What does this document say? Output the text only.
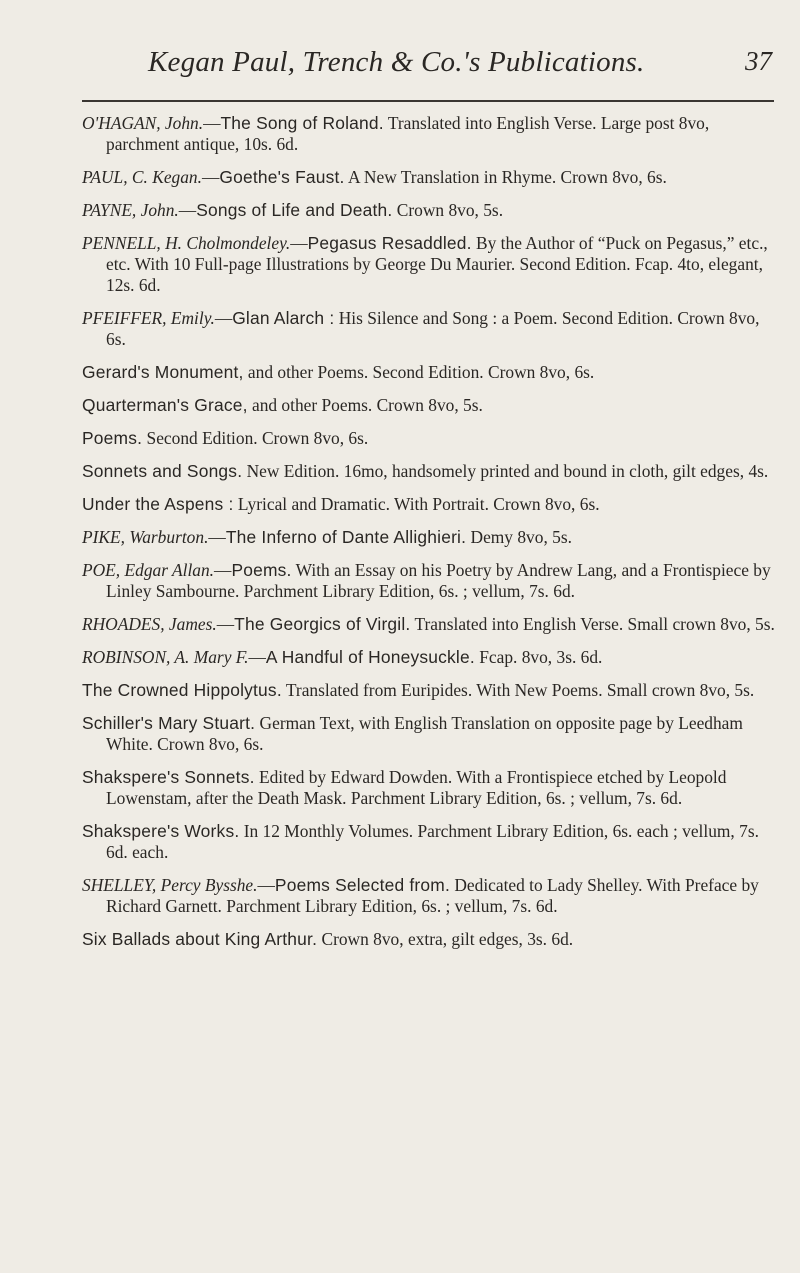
Kegan Paul, Trench & Co.'s Publications.	37
O'HAGAN, John.—The Song of Roland. Translated into English Verse. Large post 8vo, parchment antique, 10s. 6d.
PAUL, C. Kegan.—Goethe's Faust. A New Translation in Rhyme. Crown 8vo, 6s.
PAYNE, John.—Songs of Life and Death. Crown 8vo, 5s.
PENNELL, H. Cholmondeley.—Pegasus Resaddled. By the Author of “Puck on Pegasus,” etc., etc. With 10 Full-page Illustrations by George Du Maurier. Second Edition. Fcap. 4to, elegant, 12s. 6d.
PFEIFFER, Emily.—Glan Alarch : His Silence and Song : a Poem. Second Edition. Crown 8vo, 6s.
Gerard's Monument, and other Poems. Second Edition. Crown 8vo, 6s.
Quarterman's Grace, and other Poems. Crown 8vo, 5s.
Poems. Second Edition. Crown 8vo, 6s.
Sonnets and Songs. New Edition. 16mo, handsomely printed and bound in cloth, gilt edges, 4s.
Under the Aspens : Lyrical and Dramatic. With Portrait. Crown 8vo, 6s.
PIKE, Warburton.—The Inferno of Dante Allighieri. Demy 8vo, 5s.
POE, Edgar Allan.—Poems. With an Essay on his Poetry by Andrew Lang, and a Frontispiece by Linley Sambourne. Parchment Library Edition, 6s. ; vellum, 7s. 6d.
RHOADES, James.—The Georgics of Virgil. Translated into English Verse. Small crown 8vo, 5s.
ROBINSON, A. Mary F.—A Handful of Honeysuckle. Fcap. 8vo, 3s. 6d.
The Crowned Hippolytus. Translated from Euripides. With New Poems. Small crown 8vo, 5s.
Schiller's Mary Stuart. German Text, with English Translation on opposite page by Leedham White. Crown 8vo, 6s.
Shakspere's Sonnets. Edited by Edward Dowden. With a Frontispiece etched by Leopold Lowenstam, after the Death Mask. Parchment Library Edition, 6s. ; vellum, 7s. 6d.
Shakspere's Works. In 12 Monthly Volumes. Parchment Library Edition, 6s. each ; vellum, 7s. 6d. each.
SHELLEY, Percy Bysshe.—Poems Selected from. Dedicated to Lady Shelley. With Preface by Richard Garnett. Parchment Library Edition, 6s. ; vellum, 7s. 6d.
Six Ballads about King Arthur. Crown 8vo, extra, gilt edges, 3s. 6d.
